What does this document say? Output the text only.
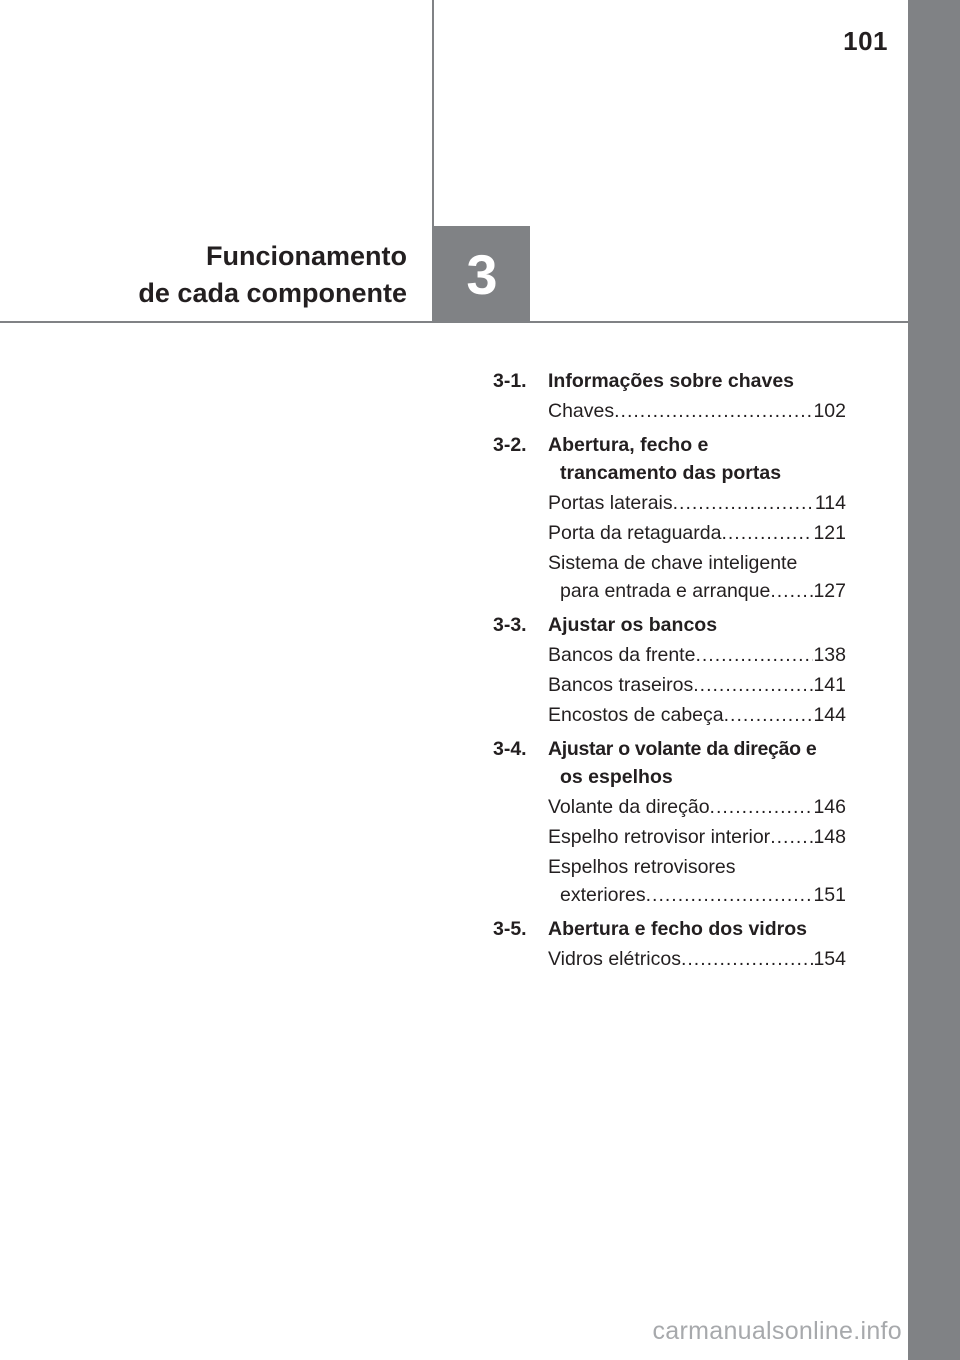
101
Funcionamento
de cada componente 3
3-1.	Informações sobre chaves
Chaves .....	102
3-2.	Abertura, fecho e
trancamento das portas
Portas laterais .....	114
Porta da retaguarda .....	121
Sistema de chave inteligente
para entrada e arranque ..... 127
3-3.	Ajustar os bancos
Bancos da frente .....	138
Bancos traseiros .....	141
Encostos de cabeça .....	144
3-4.	Ajustar o volante da direção e
os espelhos
Volante da direção .....	146
Espelho retrovisor interior ..... 148
Espelhos retrovisores
exteriores .....	151
3-5.	Abertura e fecho dos vidros
Vidros elétricos .....	154
carmanualsonline.info
